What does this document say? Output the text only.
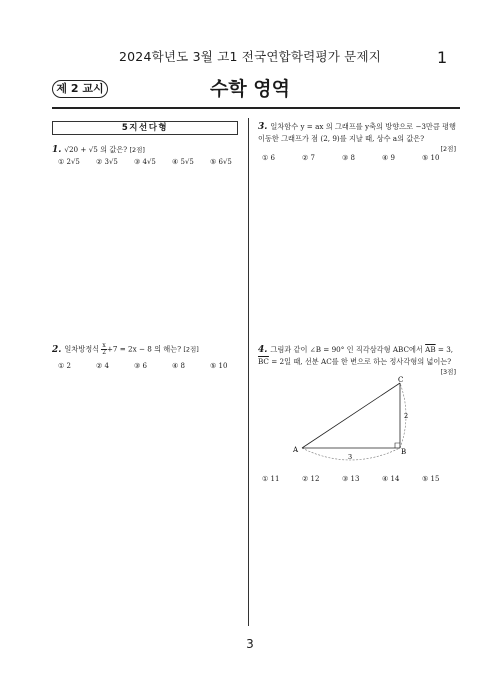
2024학년도 3월 고1 전국연합학력평가 문제지	1
제 2 교시	수학 영역
5지선다형
1. √20 + √5 의 값은? [2점]
① 2√5	② 3√5	③ 4√5	④ 5√5	⑤ 6√5
2. 일차방정식 $\frac{x}{2} +7 = 2x - 8$ 의 해는? [2점]
① 2	② 4	③ 6	④ 8	⑤ 10
3. 일차함수 y = ax 의 그래프를 y축의 방향으로 −3만큼 평행이동한 그래프가 점 (2, 9)를 지날 때, 상수 a의 값은?
[2점]
① 6	② 7	③ 8	④ 9	⑤ 10
4. 그림과 같이 ∠B = 90° 인 직각삼각형 ABC에서 $\overline{AB} = 3$, $\overline{BC} = 2$일 때, 선분 AC를 한 변으로 하는 정사각형의 넓이는?
[3점]
A	B
C
3
2
① 11	② 12	③ 13	④ 14	⑤ 15
3
